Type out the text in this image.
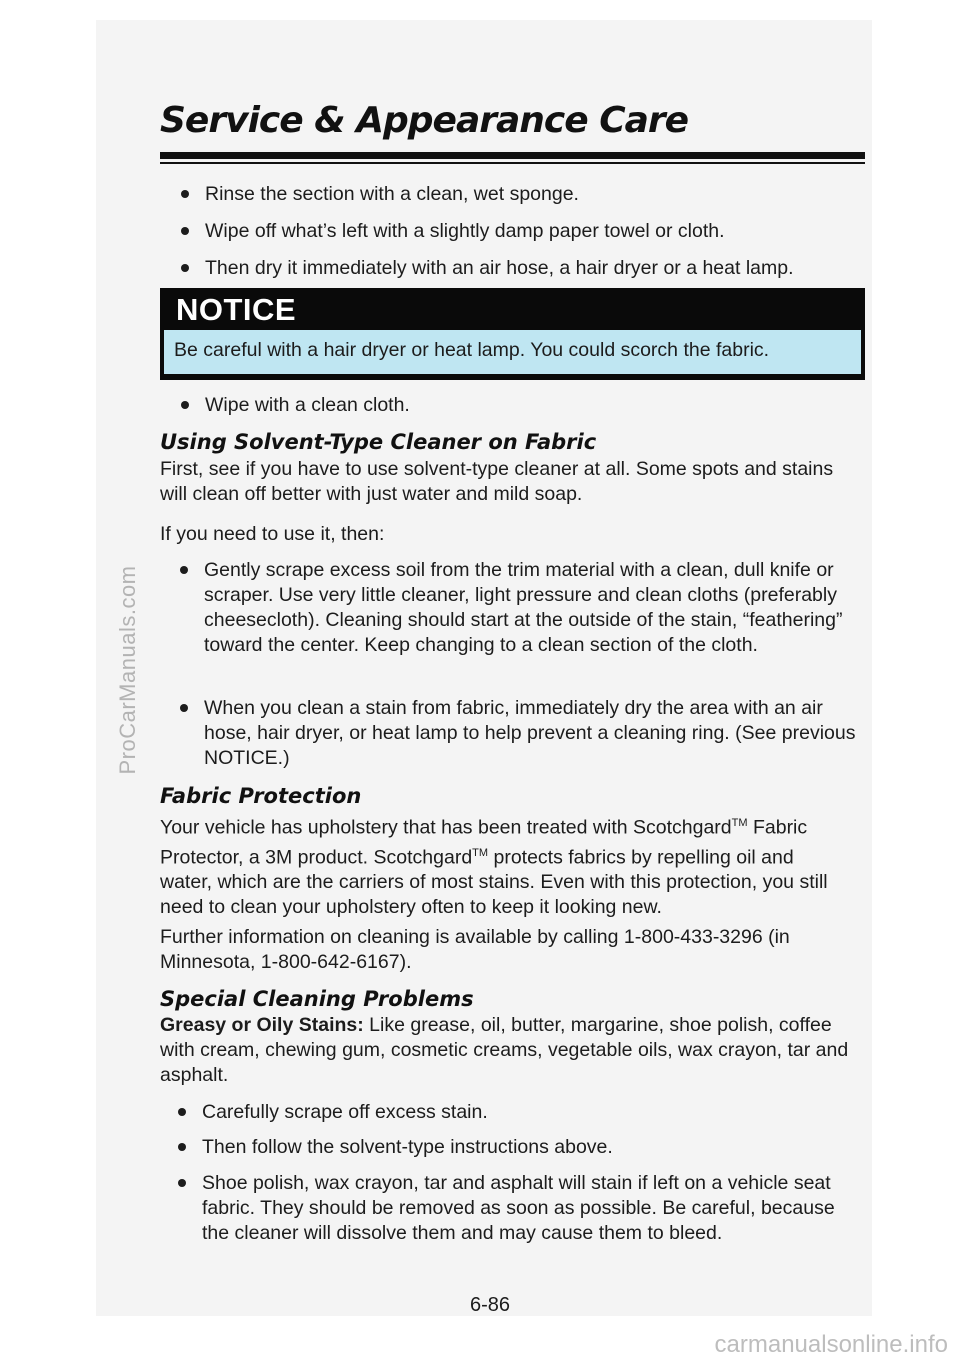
Service & Appearance Care
Rinse the section with a clean, wet sponge.
Wipe off what’s left with a slightly damp paper towel or cloth.
Then dry it immediately with an air hose, a hair dryer or a heat lamp.
NOTICE
Be careful with a hair dryer or heat lamp. You could scorch the fabric.
Wipe with a clean cloth.
Using Solvent-Type Cleaner on Fabric

First, see if you have to use solvent-type cleaner at all. Some spots and stains will clean off better with just water and mild soap.

If you need to use it, then:

Gently scrape excess soil from the trim material with a clean, dull knife or scraper. Use very little cleaner, light pressure and clean cloths (preferably cheesecloth). Cleaning should start at the outside of the stain, “feathering” toward the center. Keep changing to a clean section of the cloth.
When you clean a stain from fabric, immediately dry the area with an air hose, hair dryer, or heat lamp to help prevent a cleaning ring. (See previous NOTICE.)
Fabric Protection

Your vehicle has upholstery that has been treated with Scotchgard™ Fabric Protector, a 3M product. Scotchgard™ protects fabrics by repelling oil and water, which are the carriers of most stains. Even with this protection, you still need to clean your upholstery often to keep it looking new.

Further information on cleaning is available by calling 1-800-433-3296 (in Minnesota, 1-800-642-6167).

Special Cleaning Problems

Greasy or Oily Stains: Like grease, oil, butter, margarine, shoe polish, coffee with cream, chewing gum, cosmetic creams, vegetable oils, wax crayon, tar and asphalt.

Carefully scrape off excess stain.
Then follow the solvent-type instructions above.
Shoe polish, wax crayon, tar and asphalt will stain if left on a vehicle seat fabric. They should be removed as soon as possible. Be careful, because the cleaner will dissolve them and may cause them to bleed.
6-86
ProCarManuals.com
carmanualsonline.info
